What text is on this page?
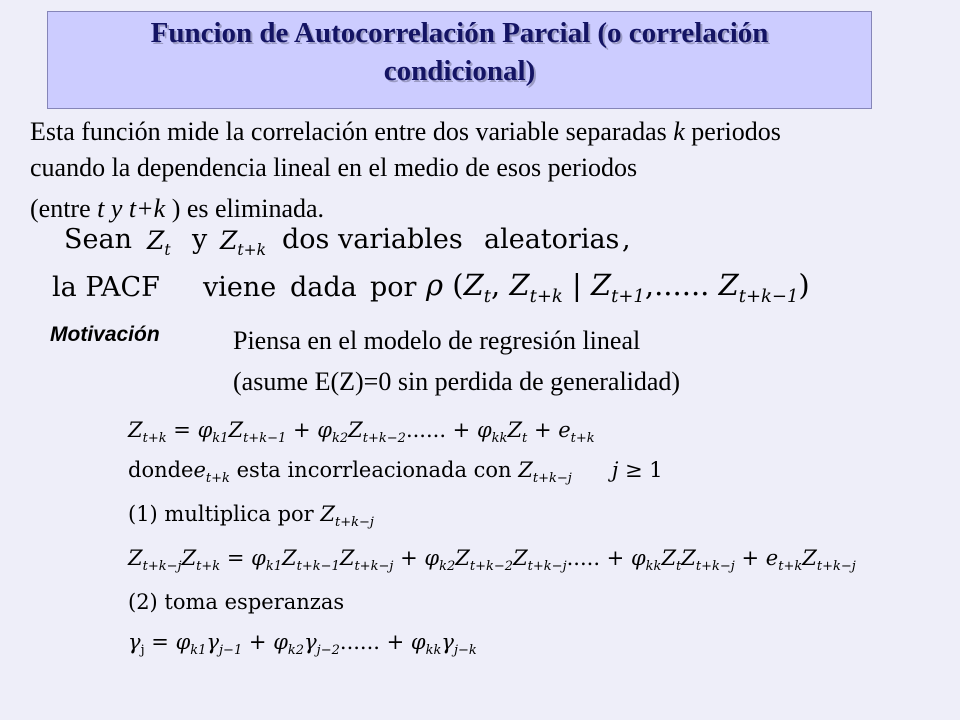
Funcion de Autocorrelación Parcial (o correlación
condicional)
Esta función mide la correlación entre dos variable separadas k periodos
cuando la dependencia lineal en el medio de esos periodos
(entre t y t+k ) es eliminada.
Sean $Z_t$ y $Z_{t+k}$ dos variables aleatorias ,
la PACF viene dada por ρ ($Z_t$, $Z_{t+k}$ | $Z_{t+1}$,...... $Z_{t+k-1}$)
Motivación	Piensa en el modelo de regresión lineal
(asume E(Z)=0 sin perdida de generalidad)
$Z_{t+k} = \varphi_{k1}Z_{t+k-1} + \varphi_{k2}Z_{t+k-2}$...... + $\varphi_{kk}Z_t + e_{t+k}$
dondee$_{t+k}$ esta incorrleacionada con $Z_{t+k-j}$ j ≥ 1
(1) multiplica por $Z_{t+k-j}$
$Z_{t+k-j}Z_{t+k} = \varphi_{k1}Z_{t+k-1}Z_{t+k-j} + \varphi_{k2}Z_{t+k-2}Z_{t+k-j}$..... + $\varphi_{kk}Z_tZ_{t+k-j} + e_{t+k}Z_{t+k-j}$
(2) toma esperanzas
$\gamma_j = \varphi_{k1}\gamma_{j-1} + \varphi_{k2}\gamma_{j-2}$...... + $\varphi_{kk}\gamma_{j-k}$
